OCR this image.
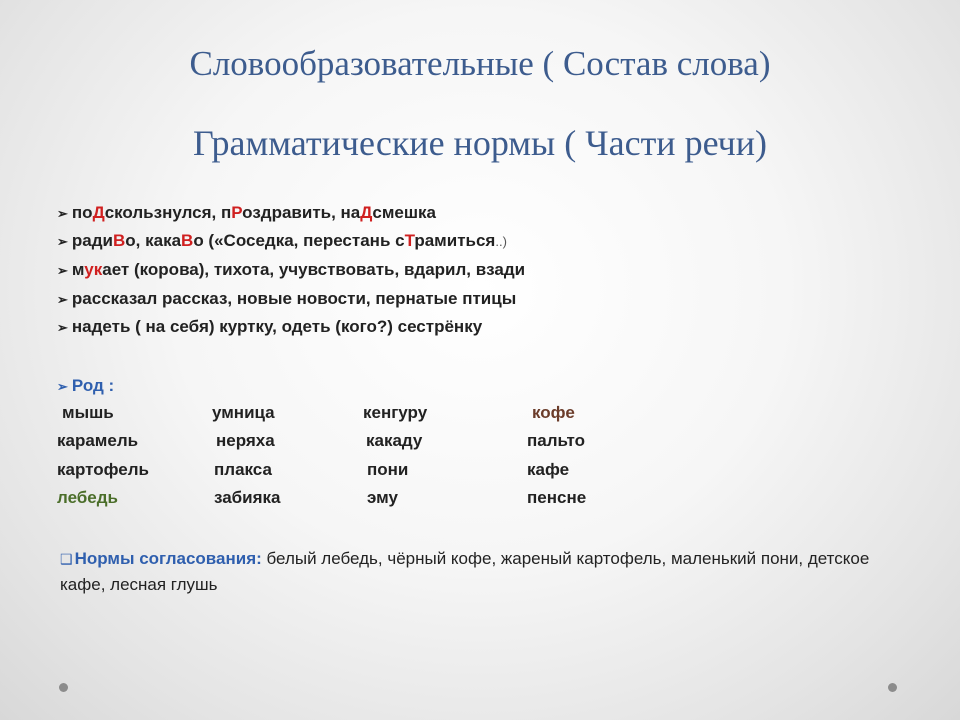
Словообразовательные ( Состав слова)
Грамматические нормы ( Части речи)
➢ поДскользнулся, пРоздравить, наДсмешка
➢ радиВо, какаВо («Соседка, перестань сТрамиться..)
➢ мукает (корова), тихота, учувствовать, вдарил, взади
➢ рассказал рассказ, новые новости, пернатые птицы
➢ надеть ( на себя) куртку, одеть (кого?) сестрёнку
➢ Род :
мышь	умница	кенгуру	кофе
карамель	неряха	какаду	пальто
картофель	плакса	пони	кафе
лебедь	забияка	эму	пенсне
❑ Нормы согласования: белый лебедь, чёрный кофе, жареный картофель, маленький пони, детское кафе, лесная глушь
